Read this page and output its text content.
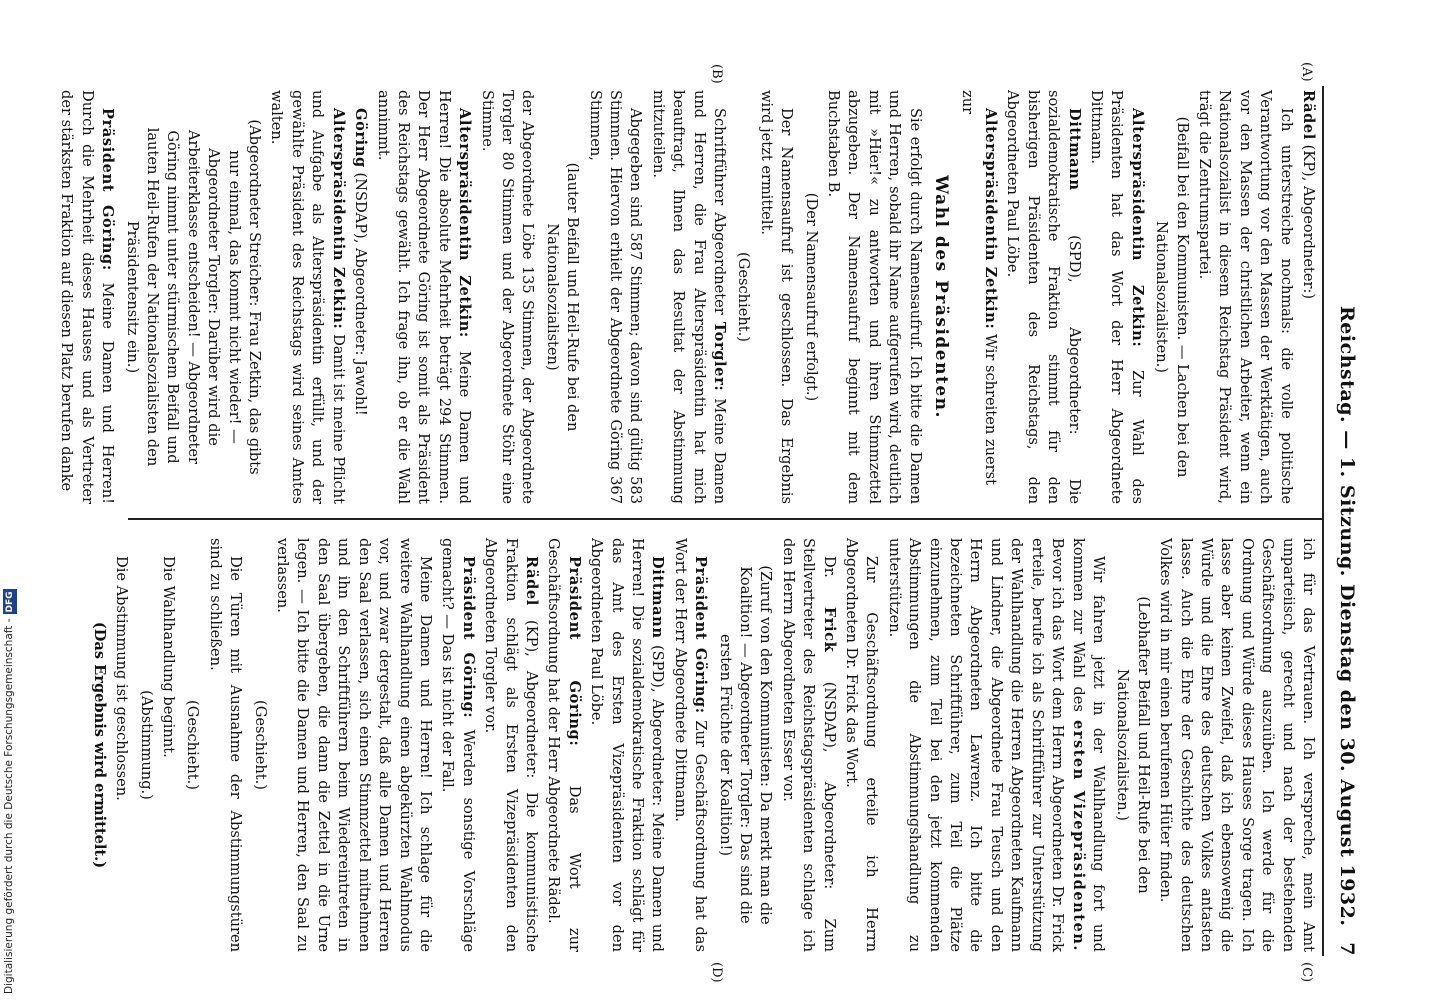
Reichstag. — 1. Sitzung. Dienstag den 30. August 1932.
7
(A)
(B)
(C)
(D)

Rädel (KP), Abgeordneter:)

Ich unterstreiche nochmals: die volle politische Verantwortung vor den Massen der Werktätigen, auch vor den Massen der christlichen Arbeiter, wenn ein Nationalsozialist in diesem Reichstag Präsident wird, trägt die Zentrumspartei.

(Beifall bei den Kommunisten. — Lachen bei den Nationalsozialisten.)

Alterspräsidentin Zetkin: Zur Wahl des Präsidenten hat das Wort der Herr Abgeordnete Dittmann.

Dittmann (SPD), Abgeordneter: Die sozialdemokratische Fraktion stimmt für den bisherigen Präsidenten des Reichstags, den Abgeordneten Paul Löbe.

Alterspräsidentin Zetkin: Wir schreiten zuerst

zur

Wahl des Präsidenten.

Sie erfolgt durch Namensaufruf. Ich bitte die Damen und Herren, sobald ihr Name aufgerufen wird, deutlich mit »Hier!« zu antworten und ihren Stimmzettel abzugeben. Der Namensaufruf beginnt mit dem Buchstaben B.

(Der Namensaufruf erfolgt.)

Der Namensaufruf ist geschlossen. Das Ergebnis wird jetzt ermittelt.

(Geschieht.)

Schriftführer Abgeordneter Torgler: Meine Damen und Herren, die Frau Alterspräsidentin hat mich beauftragt, Ihnen das Resultat der Abstimmung mitzuteilen.

Abgegeben sind 587 Stimmen; davon sind gültig 583 Stimmen. Hiervon erhielt der Abgeordnete Göring 367 Stimmen,

(lauter Beifall und Heil-Rufe bei den Nationalsozialisten)

der Abgeordnete Löbe 135 Stimmen, der Abgeordnete Torgler 80 Stimmen und der Abgeordnete Stöhr eine Stimme.

Alterspräsidentin Zetkin: Meine Damen und Herren! Die absolute Mehrheit beträgt 294 Stimmen. Der Herr Abgeordnete Göring ist somit als Präsident des Reichstags gewählt. Ich frage ihn, ob er die Wahl annimmt.

Göring (NSDAP), Abgeordneter: Jawohl!

Alterspräsidentin Zetkin: Damit ist meine Pflicht und Aufgabe als Alterspräsidentin erfüllt, und der gewählte Präsident des Reichstags wird seines Amtes walten.

(Abgeordneter Streicher: Frau Zetkin, das gibts nur einmal, das kommt nicht wieder! — Abgeordneter Torgler: Darüber wird die Arbeiterklasse entscheiden! — Abgeordneter Göring nimmt unter stürmischem Beifall und lauten Heil-Rufen der Nationalsozialisten den Präsidentensitz ein.)

Präsident Göring: Meine Damen und Herren! Durch die Mehrheit dieses Hauses und als Vertreter der stärksten Fraktion auf diesen Platz berufen danke

ich für das Vertrauen. Ich verspreche, mein Amt unparteiisch, gerecht und nach der bestehenden Geschäftsordnung auszuüben. Ich werde für die Ordnung und Würde dieses Hauses Sorge tragen. Ich lasse aber keinen Zweifel, daß ich ebensowenig die Würde und die Ehre des deutschen Volkes antasten lasse. Auch die Ehre der Geschichte des deutschen Volkes wird in mir einen berufenen Hüter finden.

(Lebhafter Beifall und Heil-Rufe bei den Nationalsozialisten.)

Wir fahren jetzt in der Wahlhandlung fort und kommen zur Wahl des ersten Vizepräsidenten. Bevor ich das Wort dem Herrn Abgeordneten Dr. Frick erteile, berufe ich als Schriftführer zur Unterstützung der Wahlhandlung die Herren Abgeordneten Kaufmann und Lindner, die Abgeordnete Frau Teusch und den Herrn Abgeordneten Lawrenz. Ich bitte die bezeichneten Schriftführer, zum Teil die Plätze einzunehmen, zum Teil bei den jetzt kommenden Abstimmungen die Abstimmungshandlung zu unterstützen.

Zur Geschäftsordnung erteile ich Herrn Abgeordneten Dr. Frick das Wort.

Dr. Frick (NSDAP), Abgeordneter: Zum Stellvertreter des Reichstagspräsidenten schlage ich den Herrn Abgeordneten Esser vor.

(Zuruf von den Kommunisten: Da merkt man die Koalition! — Abgeordneter Torgler: Das sind die ersten Früchte der Koalition!)

Präsident Göring: Zur Geschäftsordnung hat das Wort der Herr Abgeordnete Dittmann.

Dittmann (SPD), Abgeordneter: Meine Damen und Herren! Die sozialdemokratische Fraktion schlägt für das Amt des Ersten Vizepräsidenten vor den Abgeordneten Paul Löbe.

Präsident Göring: Das Wort zur Geschäftsordnung hat der Herr Abgeordnete Rädel.

Rädel (KP), Abgeordneter: Die kommunistische Fraktion schlägt als Ersten Vizepräsidenten den Abgeordneten Torgler vor.

Präsident Göring: Werden sonstige Vorschläge gemacht? — Das ist nicht der Fall.

Meine Damen und Herren! Ich schlage für die weitere Wahlhandlung einen abgekürzten Wahlmodus vor, und zwar dergestalt, daß alle Damen und Herren den Saal verlassen, sich einen Stimmzettel mitnehmen und ihn den Schriftführern beim Wiedereintreten in den Saal übergeben, die dann die Zettel in die Urne legen. — Ich bitte die Damen und Herren, den Saal zu verlassen.

(Geschieht.)

Die Türen mit Ausnahme der Abstimmungstüren sind zu schließen.

(Geschieht.)

Die Wahlhandlung beginnt.

(Abstimmung.)

Die Abstimmung ist geschlossen.

(Das Ergebnis wird ermittelt.)

Digitalisierung gefördert durch die Deutsche Forschungsgemeinschaft -DFG
